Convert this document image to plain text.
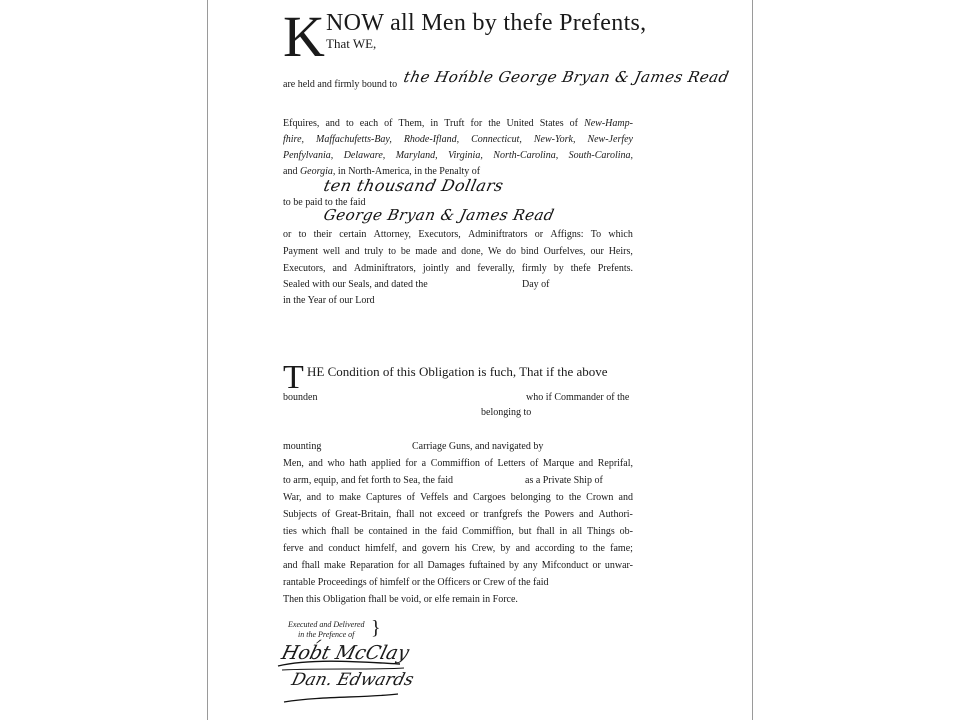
K NOW all Men by thefe Prefents,
That WE,
are held and firmly bound to the Hońble George Bryan & James Read
Efquires, and to each of Them, in Truft for the United States of New-Hamp-
fhire, Maffachufetts-Bay, Rhode-Ifland, Connecticut, New-York, New-Jerfey
Penfylvania, Delaware, Maryland, Virginia, North-Carolina, South-Carolina,
and Georgia, in North-America, in the Penalty of
ten thousand Dollars
to be paid to the faid
George Bryan & James Read
or to their certain Attorney, Executors, Adminiftrators or Affigns: To which
Payment well and truly to be made and done, We do bind Ourfelves, our Heirs,
Executors, and Adminiftrators, jointly and feverally, firmly by thefe Prefents.
Sealed with our Seals, and dated the	Day of
in the Year of our Lord
T HE Condition of this Obligation is fuch, That if the above
bounden	who if Commander of the
belonging to
mounting	Carriage Guns, and navigated by
Men, and who hath applied for a Commiffion of Letters of Marque and Reprifal,
to arm, equip, and fet forth to Sea, the faid	as a Private Ship of
War, and to make Captures of Veffels and Cargoes belonging to the Crown and
Subjects of Great-Britain, fhall not exceed or tranfgrefs the Powers and Authori-
ties which fhall be contained in the faid Commiffion, but fhall in all Things ob-
ferve and conduct himfelf, and govern his Crew, by and according to the fame;
and fhall make Reparation for all Damages fuftained by any Mifconduct or unwar-
rantable Proceedings of himfelf or the Officers or Crew of the faid
Then this Obligation fhall be void, or elfe remain in Force.
Executed and Delivered
in the Prefence of }
Hob́t McClay
Dan. Edwards
